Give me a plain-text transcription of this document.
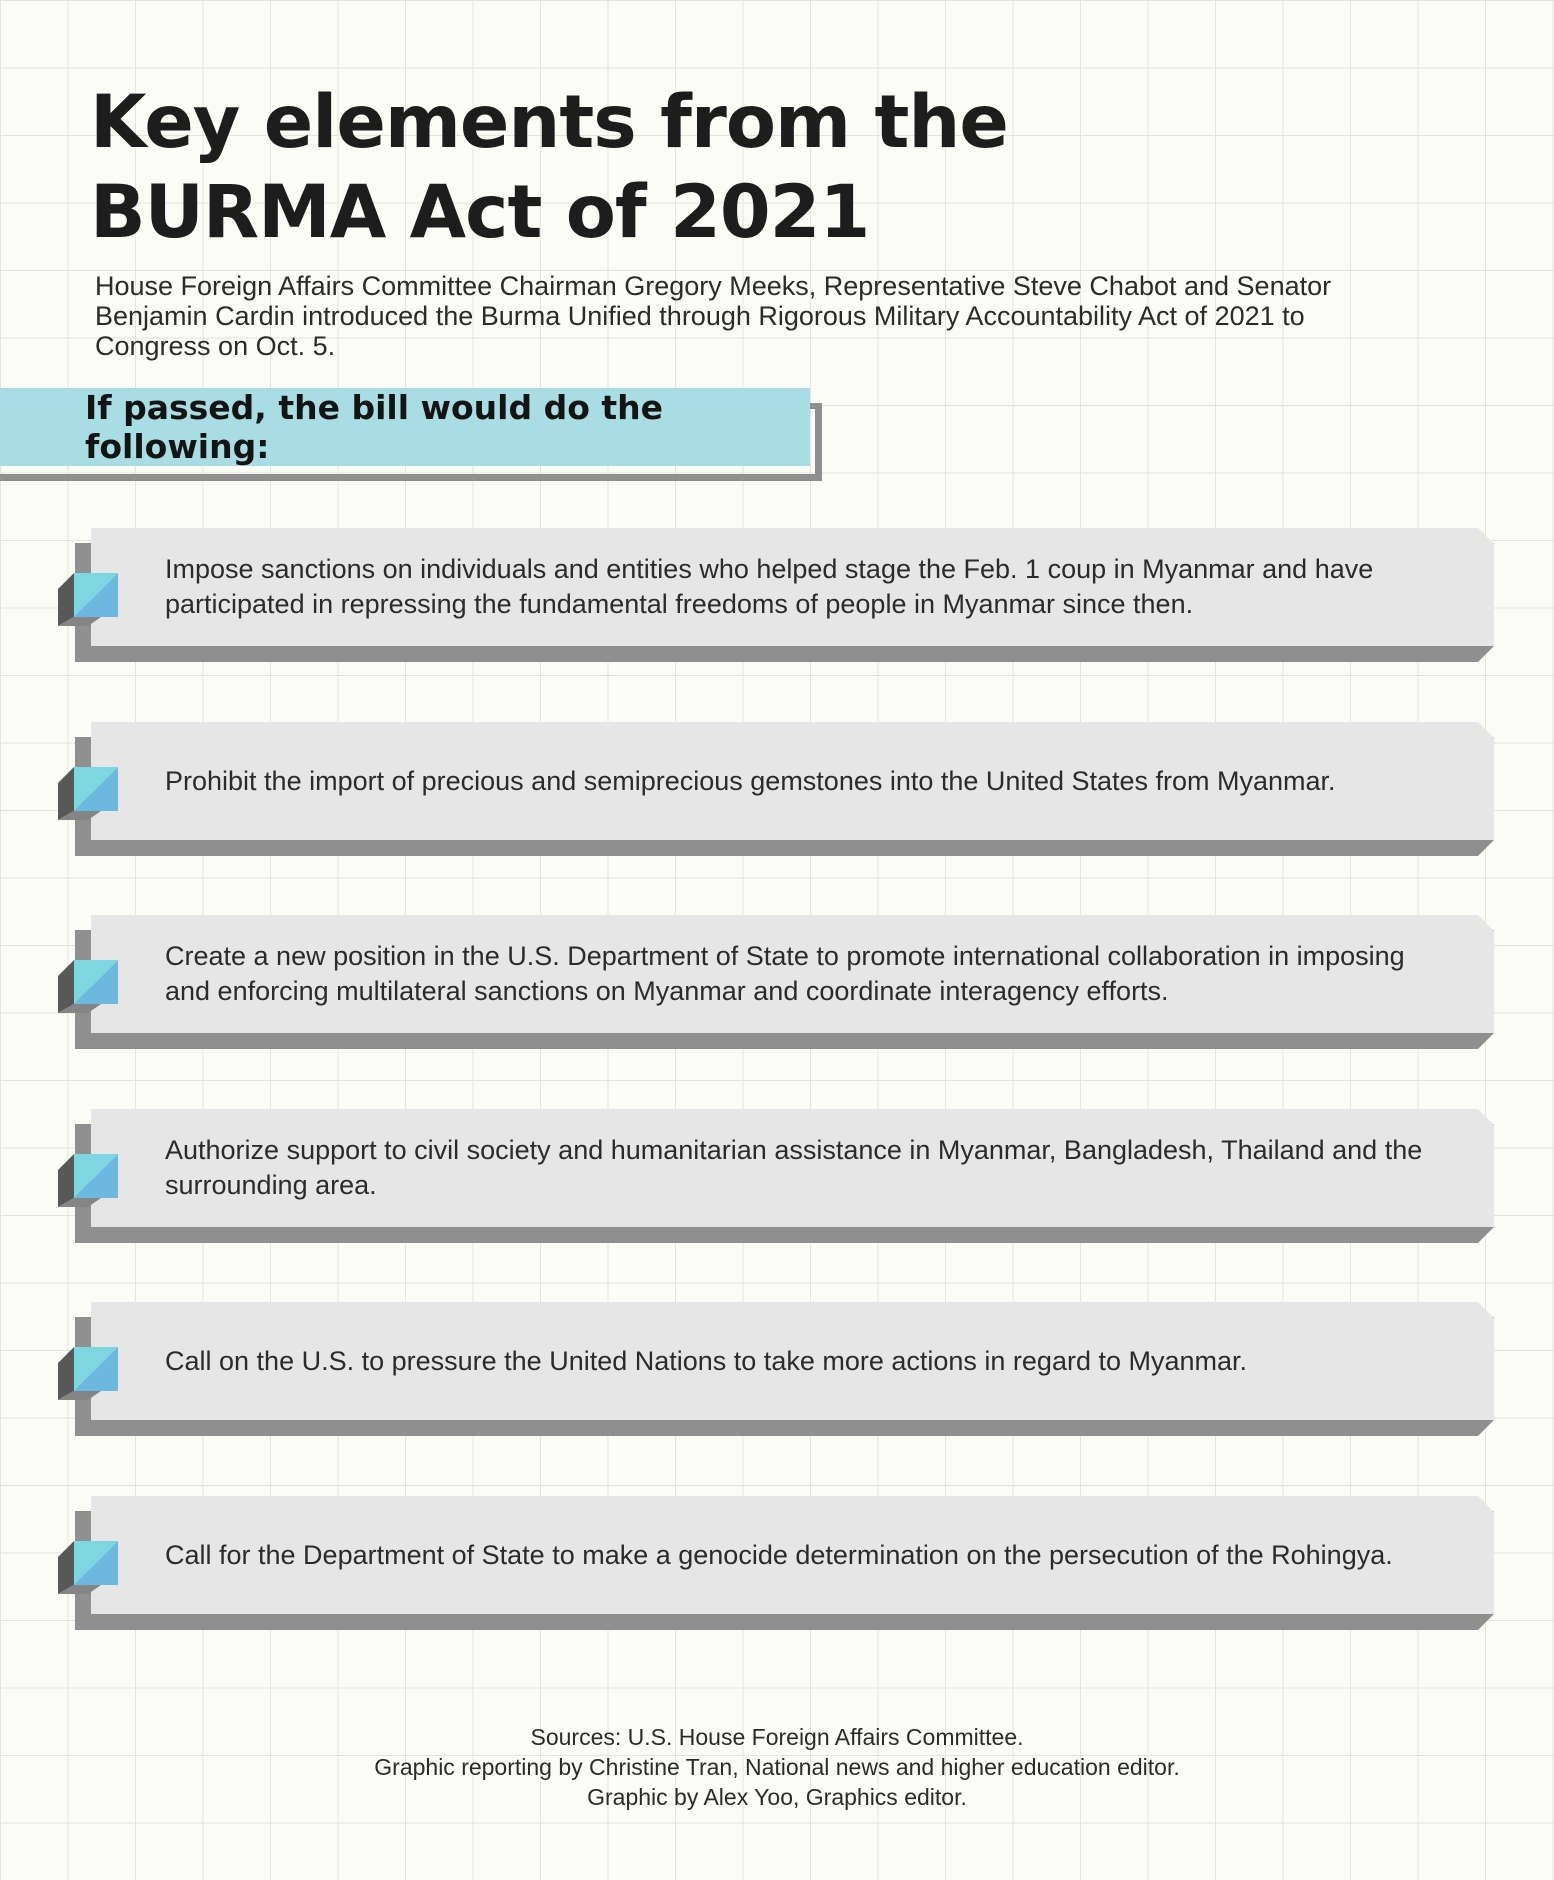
Key elements from the
BURMA Act of 2021

House Foreign Affairs Committee Chairman Gregory Meeks, Representative Steve Chabot and Senator Benjamin Cardin introduced the Burma Unified through Rigorous Military Accountability Act of 2021 to Congress on Oct. 5.

If passed, the bill would do the following:
Impose sanctions on individuals and entities who helped stage the Feb. 1 coup in Myanmar and have participated in repressing the fundamental freedoms of people in Myanmar since then.
Prohibit the import of precious and semiprecious gemstones into the United States from Myanmar.
Create a new position in the U.S. Department of State to promote international collaboration in imposing and enforcing multilateral sanctions on Myanmar and coordinate interagency efforts.
Authorize support to civil society and humanitarian assistance in Myanmar, Bangladesh, Thailand and the surrounding area.
Call on the U.S. to pressure the United Nations to take more actions in regard to Myanmar.
Call for the Department of State to make a genocide determination on the persecution of the Rohingya.
Sources: U.S. House Foreign Affairs Committee.
Graphic reporting by Christine Tran, National news and higher education editor.
Graphic by Alex Yoo, Graphics editor.
